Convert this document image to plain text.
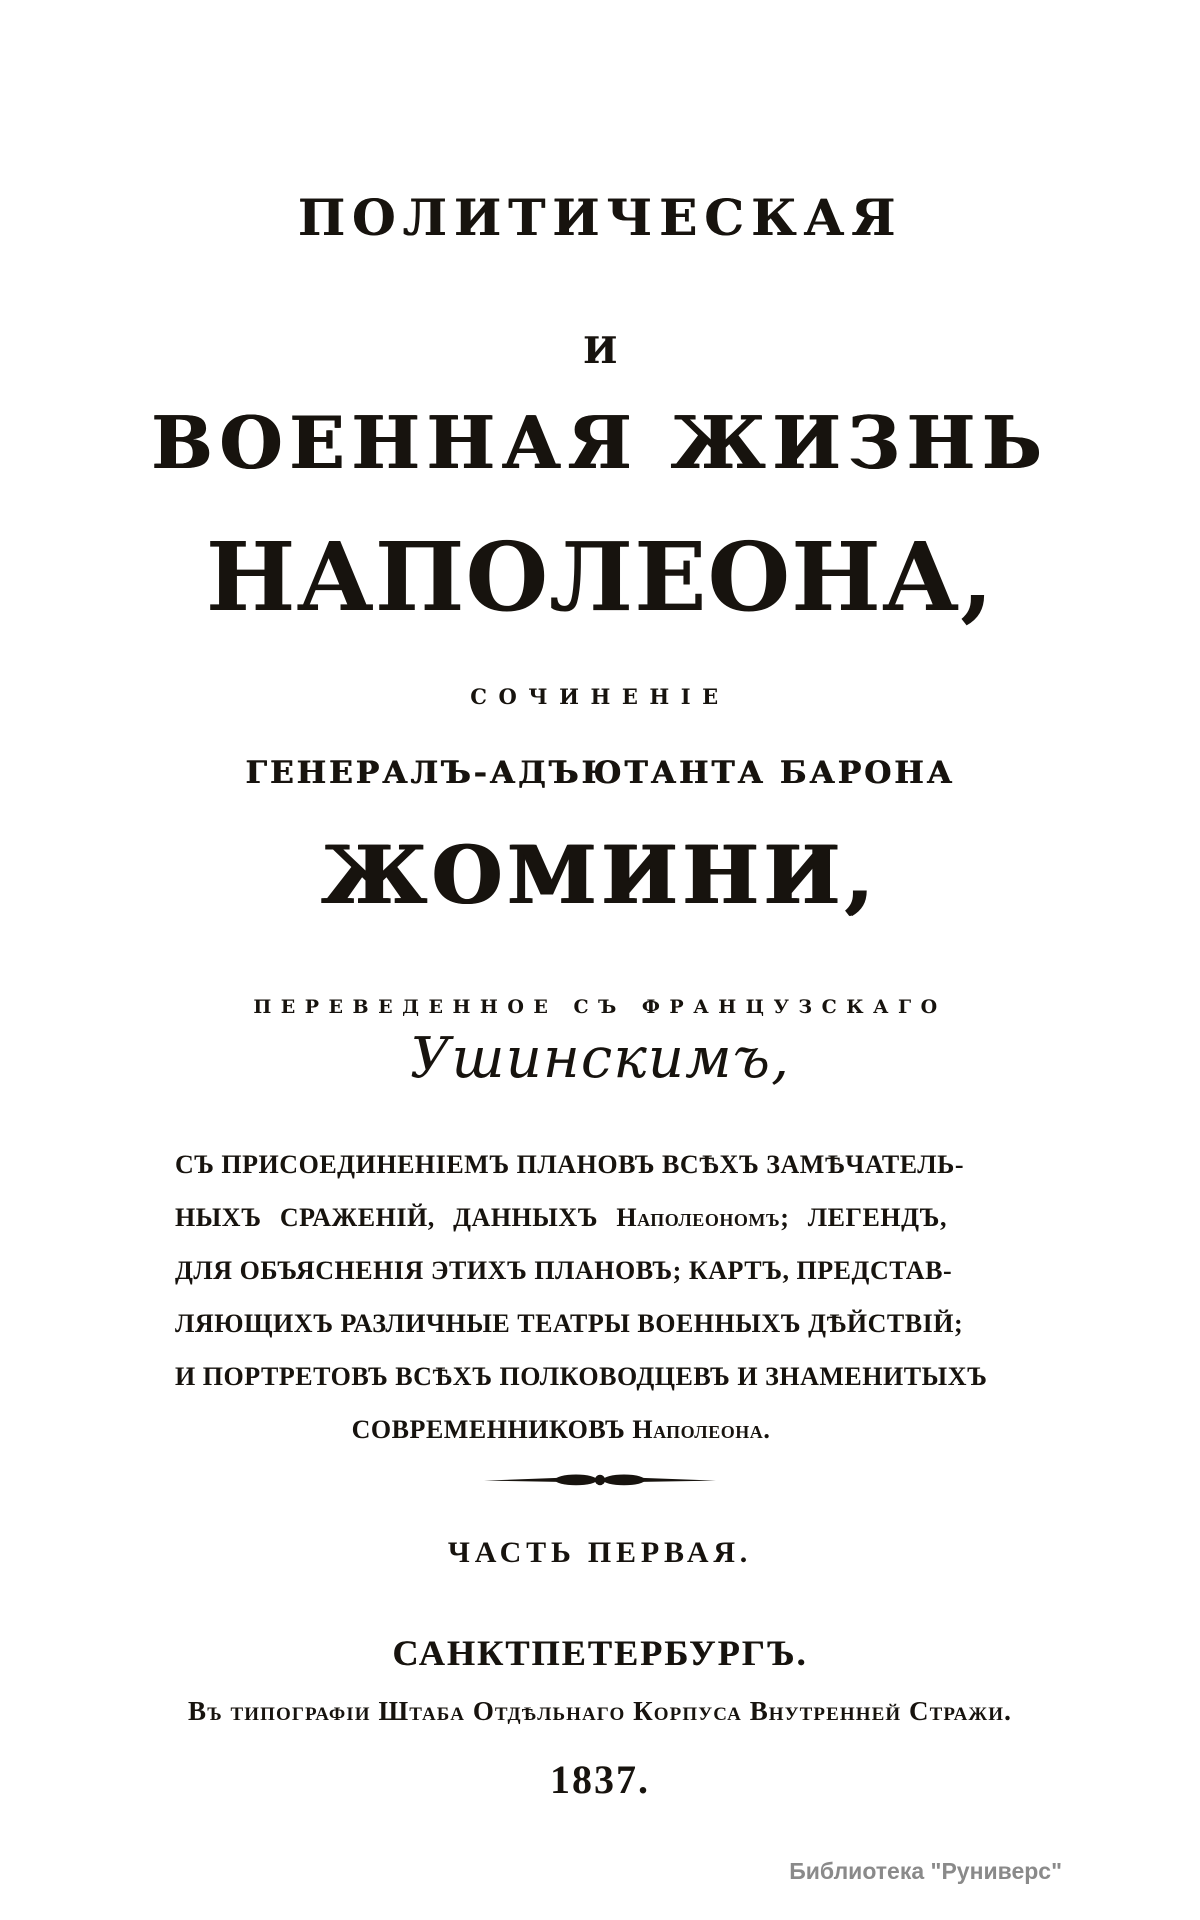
ПОЛИТИЧЕСКАЯ
И
ВОЕННАЯ ЖИЗНЬ
НАПОЛЕОНА,
СОЧИНЕНІЕ
ГЕНЕРАЛЪ-АДЪЮТАНТА БАРОНА
ЖОМИНИ,
ПЕРЕВЕДЕННОЕ СЪ ФРАНЦУЗСКАГО
Ушинскимъ,
СЪ ПРИСОЕДИНЕНІЕМЪ ПЛАНОВЪ ВСѢХЪ ЗАМѢЧАТЕЛЬ-
НЫХЪ СРАЖЕНІЙ, ДАННЫХЪ Наполеономъ; ЛЕГЕНДЪ,
ДЛЯ ОБЪЯСНЕНІЯ ЭТИХЪ ПЛАНОВЪ; КАРТЪ, ПРЕДСТАВ-
ЛЯЮЩИХЪ РАЗЛИЧНЫЕ ТЕАТРЫ ВОЕННЫХЪ ДѢЙСТВІЙ;
И ПОРТРЕТОВЪ ВСѢХЪ ПОЛКОВОДЦЕВЪ И ЗНАМЕНИТЫХЪ
СОВРЕМЕННИКОВЪ Наполеона.
ЧАСТЬ ПЕРВАЯ.
САНКТПЕТЕРБУРГЪ.
Въ типографіи Штаба Отдѣльнаго Корпуса Внутренней Стражи.
1837.
Библиотека "Руниверс"
